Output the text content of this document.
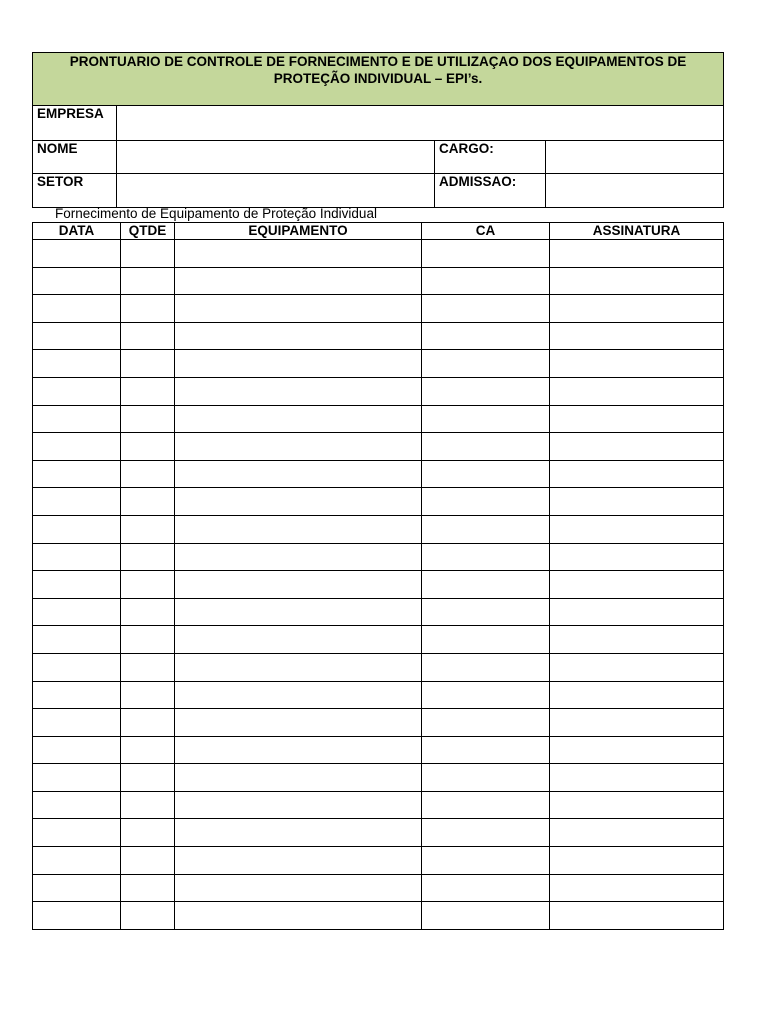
PRONTUARIO DE CONTROLE DE FORNECIMENTO E DE UTILIZAÇAO DOS EQUIPAMENTOS DE
PROTEÇÃO INDIVIDUAL – EPI’s.			

EMPRESA			
NOME		CARGO:	
SETOR		ADMISSAO:	
Fornecimento de Equipamento de Proteção Individual
DATA	QTDE	EQUIPAMENTO	CA	ASSINATURA
